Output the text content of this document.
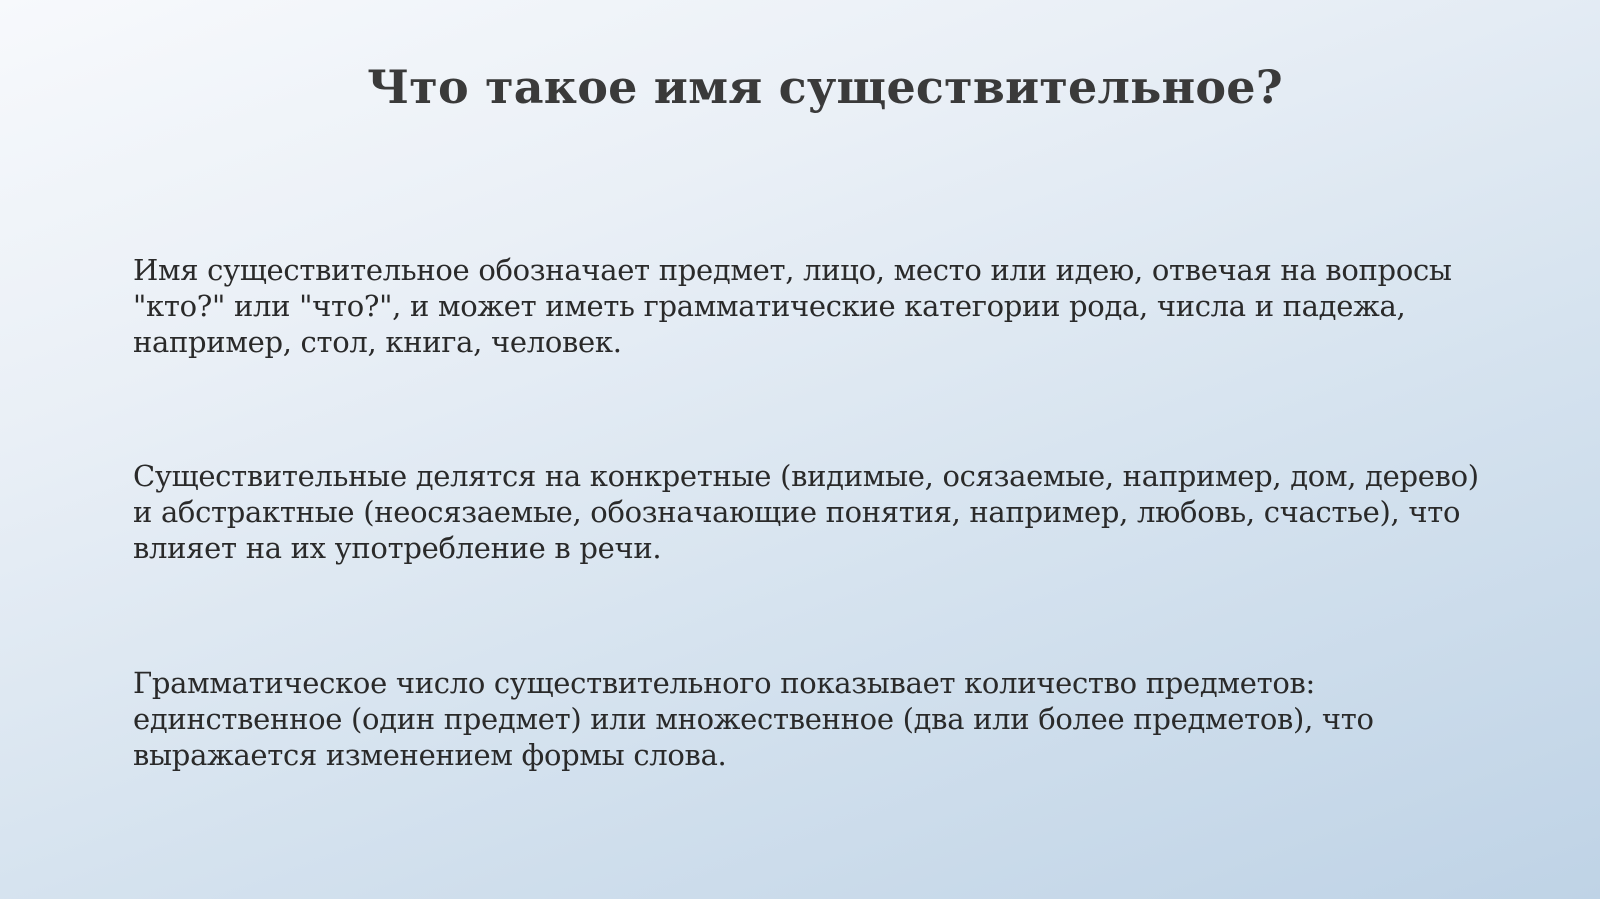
Что такое имя существительное?
Имя существительное обозначает предмет, лицо, место или идею, отвечая на вопросы
"кто?" или "что?", и может иметь грамматические категории рода, числа и падежа,
например, стол, книга, человек.
Существительные делятся на конкретные (видимые, осязаемые, например, дом, дерево)
и абстрактные (неосязаемые, обозначающие понятия, например, любовь, счастье), что
влияет на их употребление в речи.
Грамматическое число существительного показывает количество предметов:
единственное (один предмет) или множественное (два или более предметов), что
выражается изменением формы слова.
